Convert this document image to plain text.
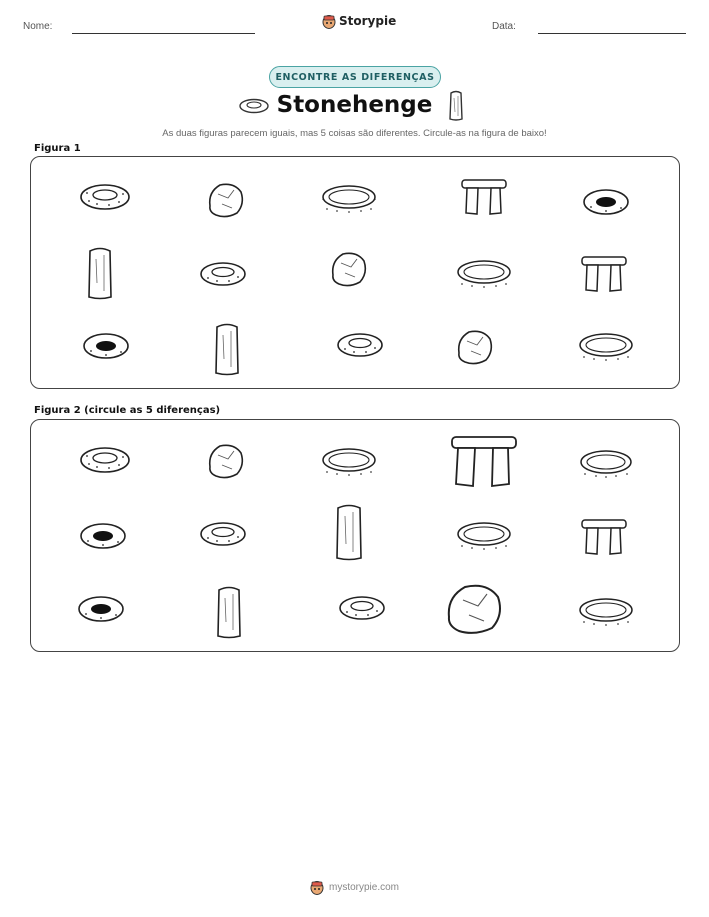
Nome:	Storypie	Data:
ENCONTRE AS DIFERENÇAS
Stonehenge
As duas figuras parecem iguais, mas 5 coisas são diferentes. Circule-as na figura de baixo!
Figura 1
Figura 2 (circule as 5 diferenças)
mystorypie.com
